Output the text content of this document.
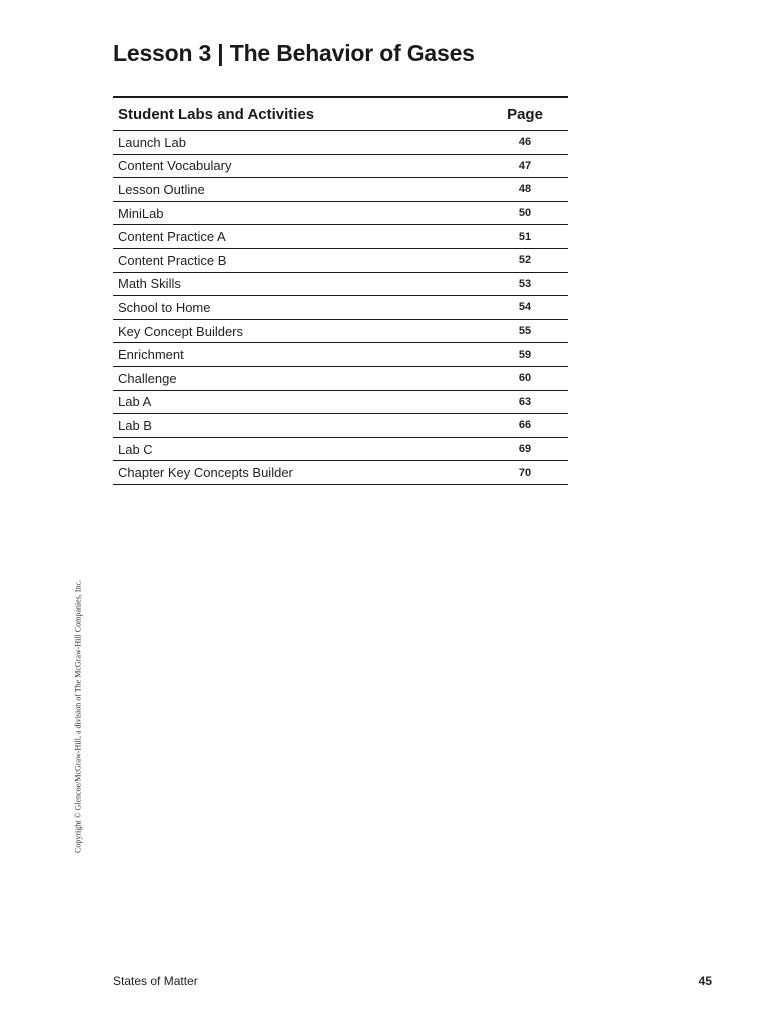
Lesson 3 | The Behavior of Gases
Student Labs and Activities	Page
Launch Lab	46
Content Vocabulary	47
Lesson Outline	48
MiniLab	50
Content Practice A	51
Content Practice B	52
Math Skills	53
School to Home	54
Key Concept Builders	55
Enrichment	59
Challenge	60
Lab A	63
Lab B	66
Lab C	69
Chapter Key Concepts Builder	70
Copyright © Glencoe/McGraw-Hill, a division of The McGraw-Hill Companies, Inc.
States of Matter	45
